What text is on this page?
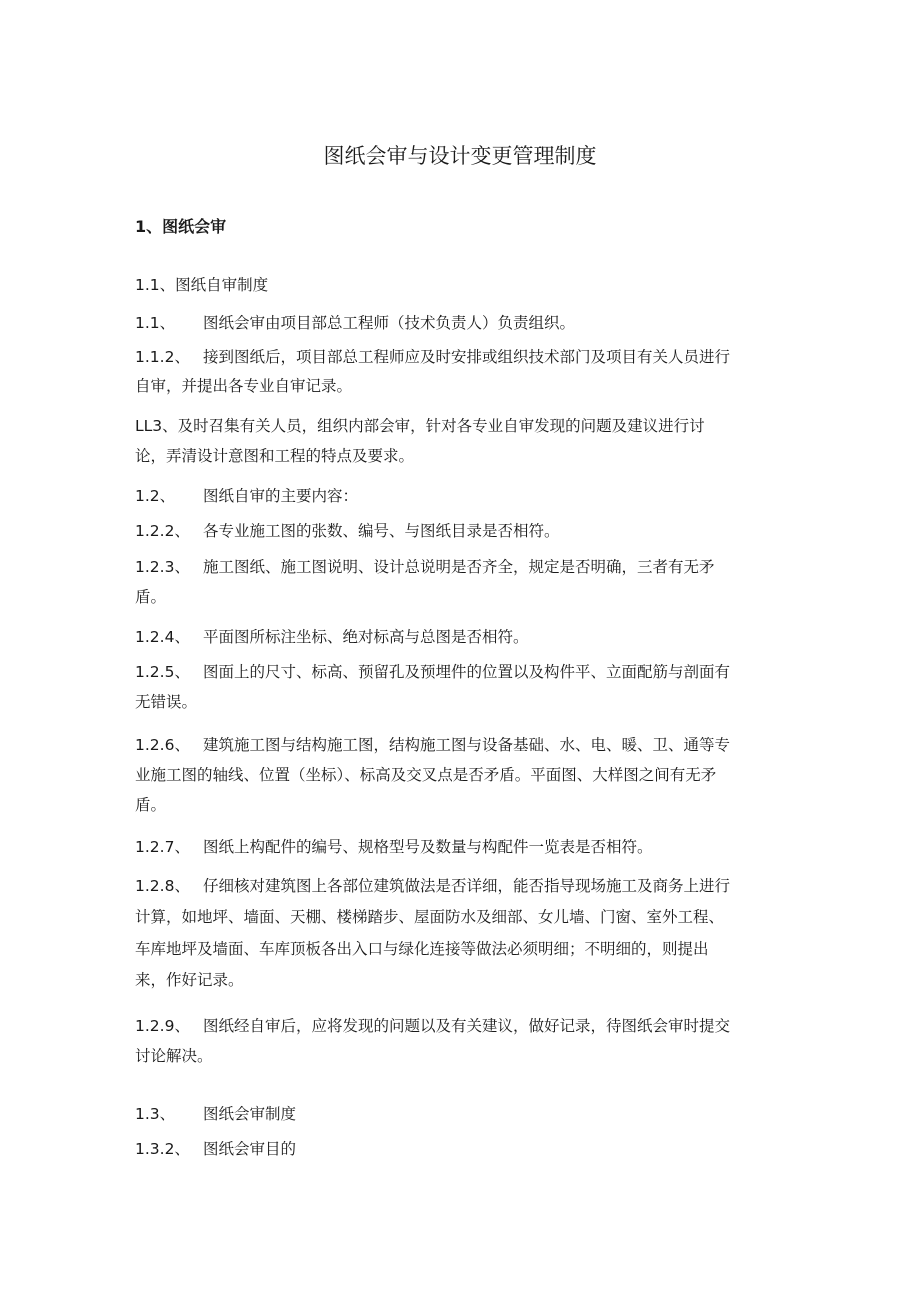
图纸会审与设计变更管理制度
1、图纸会审
1.1、图纸自审制度
1.1、 图纸会审由项目部总工程师（技术负责人）负责组织。
1.1.2、 接到图纸后，项目部总工程师应及时安排或组织技术部门及项目有关人员进行
自审，并提出各专业自审记录。
LL3、及时召集有关人员，组织内部会审，针对各专业自审发现的问题及建议进行讨
论，弄清设计意图和工程的特点及要求。
1.2、 图纸自审的主要内容：
1.2.2、 各专业施工图的张数、编号、与图纸目录是否相符。
1.2.3、 施工图纸、施工图说明、设计总说明是否齐全，规定是否明确，三者有无矛
盾。
1.2.4、 平面图所标注坐标、绝对标高与总图是否相符。
1.2.5、 图面上的尺寸、标高、预留孔及预埋件的位置以及构件平、立面配筋与剖面有
无错误。
1.2.6、 建筑施工图与结构施工图，结构施工图与设备基础、水、电、暖、卫、通等专
业施工图的轴线、位置（坐标）、标高及交叉点是否矛盾。平面图、大样图之间有无矛
盾。
1.2.7、 图纸上构配件的编号、规格型号及数量与构配件一览表是否相符。
1.2.8、 仔细核对建筑图上各部位建筑做法是否详细，能否指导现场施工及商务上进行
计算，如地坪、墙面、天棚、楼梯踏步、屋面防水及细部、女儿墙、门窗、室外工程、
车库地坪及墙面、车库顶板各出入口与绿化连接等做法必须明细；不明细的，则提出
来，作好记录。
1.2.9、 图纸经自审后，应将发现的问题以及有关建议，做好记录，待图纸会审时提交
讨论解决。
1.3、 图纸会审制度
1.3.2、 图纸会审目的
